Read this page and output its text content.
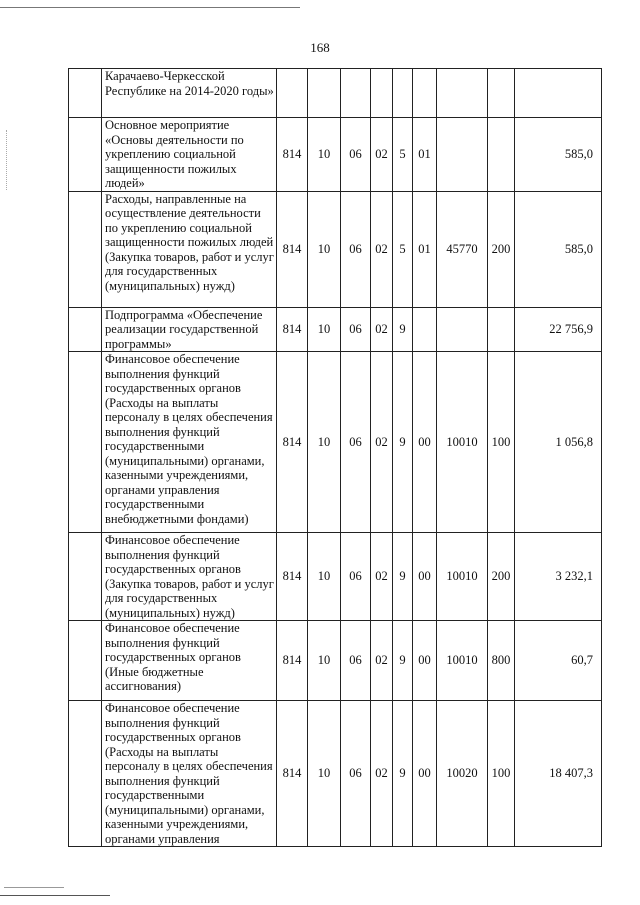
168
	Карачаево-Черкесской Республике на 2014-2020 годы»									
	Основное мероприятие «Основы деятельности по укреплению социальной защищенности пожилых людей»	814	10	06	02	5	01			585,0
	Расходы, направленные на осуществление деятельности по укреплению социальной защищенности пожилых людей (Закупка товаров, работ и услуг для государственных (муниципальных) нужд)	814	10	06	02	5	01	45770	200	585,0
	Подпрограмма «Обеспечение реализации государственной программы»	814	10	06	02	9				22 756,9
	Финансовое обеспечение выполнения функций государственных органов (Расходы на выплаты персоналу в целях обеспечения выполнения функций государственными (муниципальными) органами, казенными учреждениями, органами управления государственными внебюджетными фондами)	814	10	06	02	9	00	10010	100	1 056,8
	Финансовое обеспечение выполнения функций государственных органов (Закупка товаров, работ и услуг для государственных (муниципальных) нужд)	814	10	06	02	9	00	10010	200	3 232,1
	Финансовое обеспечение выполнения функций государственных органов (Иные бюджетные ассигнования)	814	10	06	02	9	00	10010	800	60,7
	Финансовое обеспечение выполнения функций государственных органов (Расходы на выплаты персоналу в целях обеспечения выполнения функций государственными (муниципальными) органами, казенными учреждениями, органами управления	814	10	06	02	9	00	10020	100	18 407,3
